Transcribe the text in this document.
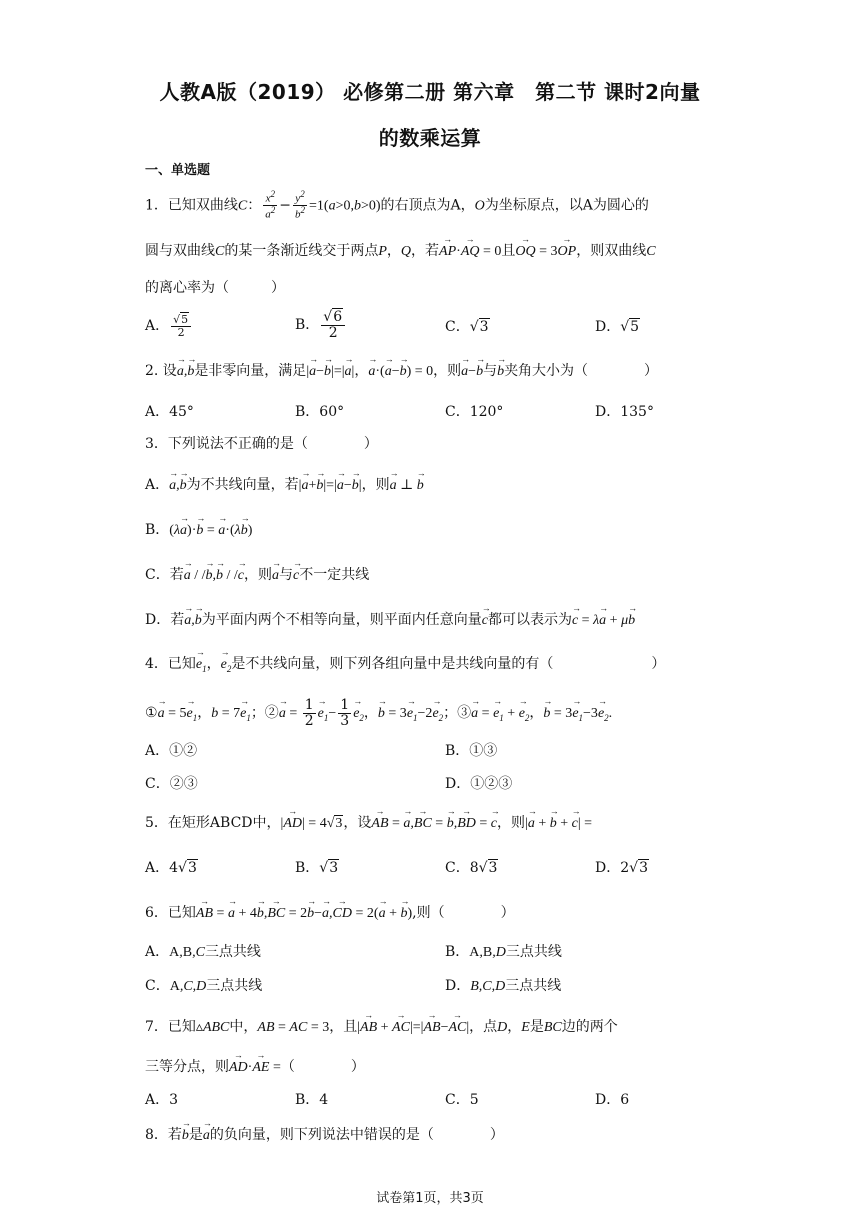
人教A版（2019） 必修第二册 第六章　第二节 课时2向量
的数乘运算
一、单选题
1．已知双曲线C： $\frac{x^2}{a^2} - \frac{y^2}{b^2} =1(a>0,b>0)$的右顶点为A，O为坐标原点，以A为圆心的
圆与双曲线C的某一条渐近线交于两点P，Q，若→ AP·→ AQ = 0且→ OQ = 3→ OP，则双曲线C
的离心率为（　　　）
A． $\frac{√5}{2}$	B． $\frac{√6}{2}$	C．√3	D．√5
2. 设→ a,→ b是非零向量，满足|→ a−→ b|=|→ a|，→ a·(→ a−→ b) = 0，则→ a−→ b与→ b夹角大小为（　　　　）
A．45°	B．60°	C．120°	D．135°
3．下列说法不正确的是（　　　　）
A．→ a,→ b为不共线向量，若|→ a+→ b|=|→ a−→ b|，则→ a ⊥ → b
B．(λ→ a)·→ b = → a·(λ→ b)
C．若→ a / /→ b,→ b / /→ c，则→ a与→ c不一定共线
D．若→ a,→ b为平面内两个不相等向量，则平面内任意向量→ c都可以表示为→ c = λ→ a + μ→ b
4．已知→ $e_1$，→ $e_2$是不共线向量，则下列各组向量中是共线向量的有（　　　　　　　）
①→ $a = 5\to e_1$，$b = 7\to e_1$；②→ $a = \frac{1}{2} \to e_1- \frac{1}{3} \to e_2$，→ $b = 3\to e_1-2\to e_2$；③→ a = → $e_1$ + → $e_2$，→ $b = 3\to e_1-3\to e_2$.
A．①②	B．①③
C．②③	D．①②③
5．在矩形ABCD中，|→ AD| = 4√3，设→ AB = → a,→ BC = → b,→ BD = → c，则|→ a + → b + → c| =
A．4√3	B．√3	C．8√3	D．2√3
6．已知→ AB = → a + 4→ b,→ BC = 2→ b−→ a,→ CD = 2(→ a + → b),则（　　　　）
A．A,B,C三点共线	B．A,B,D三点共线
C．A,C,D三点共线	D．B,C,D三点共线
7．已知▵ABC中，AB = AC = 3，且|→ AB + → AC|=|→ AB−→ AC|，点D，E是BC边的两个
三等分点，则→ AD·→ AE =（　　　　）
A．3	B．4	C．5	D．6
8．若→ b是→ a的负向量，则下列说法中错误的是（　　　　）
试卷第1页，共3页
